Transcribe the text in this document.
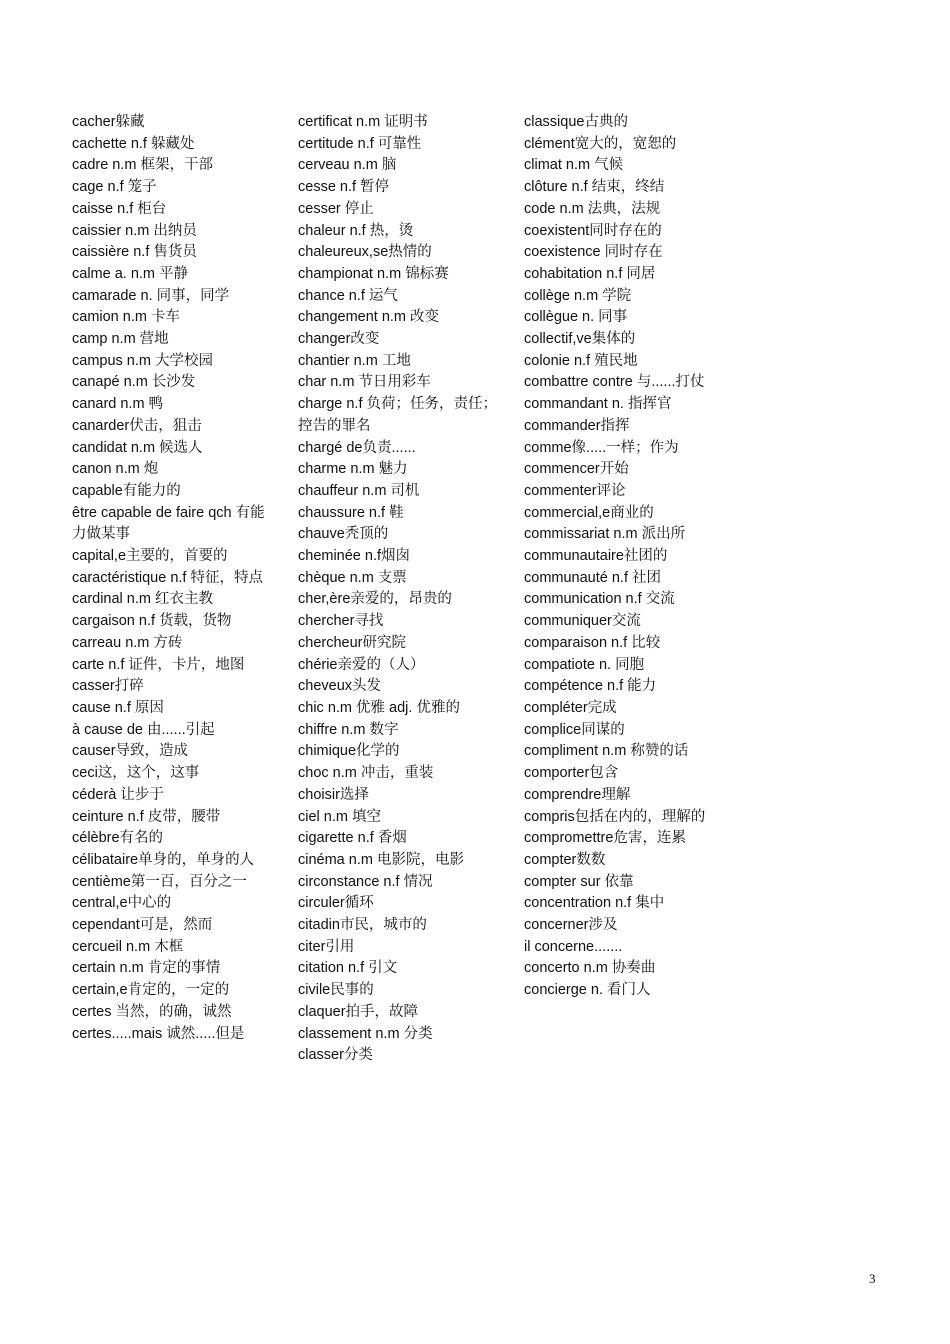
cacher躲藏
cachette n.f 躲藏处
cadre n.m 框架，干部
cage n.f 笼子
caisse n.f 柜台
caissier n.m 出纳员
caissière n.f 售货员
calme a. n.m 平静
camarade n. 同事，同学
camion n.m 卡车
camp n.m 营地
campus n.m 大学校园
canapé n.m 长沙发
canard n.m 鸭
canarder伏击，狙击
candidat n.m 候选人
canon n.m 炮
capable有能力的
être capable de faire qch 有能力做某事
capital,e主要的，首要的
caractéristique n.f 特征，特点
cardinal n.m 红衣主教
cargaison n.f 货载，货物
carreau n.m 方砖
carte n.f 证件，卡片，地图
casser打碎
cause n.f 原因
à cause de 由......引起
causer导致，造成
ceci这，这个，这事
céderà 让步于
ceinture n.f 皮带，腰带
célèbre有名的
célibataire单身的，单身的人
centième第一百，百分之一
central,e中心的
cependant可是，然而
cercueil n.m 木框
certain n.m 肯定的事情
certain,e肯定的，一定的
certes 当然，的确，诚然
certes.....mais 诚然.....但是
certificat n.m 证明书
certitude n.f 可靠性
cerveau n.m 脑
cesse n.f 暂停
cesser 停止
chaleur n.f 热，烫
chaleureux,se热情的
championat n.m 锦标赛
chance n.f 运气
changement n.m 改变
changer改变
chantier n.m 工地
char n.m 节日用彩车
charge n.f 负荷；任务，责任；控告的罪名
chargé de负责......
charme n.m 魅力
chauffeur n.m 司机
chaussure n.f 鞋
chauve秃顶的
cheminée n.f烟囱
chèque n.m 支票
cher,ère亲爱的，昂贵的
chercher寻找
chercheur研究院
chérie亲爱的（人）
cheveux头发
chic n.m 优雅 adj. 优雅的
chiffre n.m 数字
chimique化学的
choc n.m 冲击，重装
choisir选择
ciel n.m 填空
cigarette n.f 香烟
cinéma n.m 电影院，电影
circonstance n.f 情况
circuler循环
citadin市民，城市的
citer引用
citation n.f 引文
civile民事的
claquer拍手，故障
classement n.m 分类
classer分类
classique古典的
clément宽大的，宽恕的
climat n.m 气候
clôture n.f 结束，终结
code n.m 法典，法规
coexistent同时存在的
coexistence 同时存在
cohabitation n.f 同居
collège n.m 学院
collègue n. 同事
collectif,ve集体的
colonie n.f 殖民地
combattre contre 与......打仗
commandant n. 指挥官
commander指挥
comme像.....一样；作为
commencer开始
commenter评论
commercial,e商业的
commissariat n.m 派出所
communautaire社团的
communauté n.f 社团
communication n.f 交流
communiquer交流
comparaison n.f 比较
compatiote n. 同胞
compétence n.f 能力
compléter完成
complice同谋的
compliment n.m 称赞的话
comporter包含
comprendre理解
compris包括在内的，理解的
compromettre危害，连累
compter数数
compter sur 依靠
concentration n.f 集中
concerner涉及
il concerne.......
concerto n.m 协奏曲
concierge n. 看门人
3
